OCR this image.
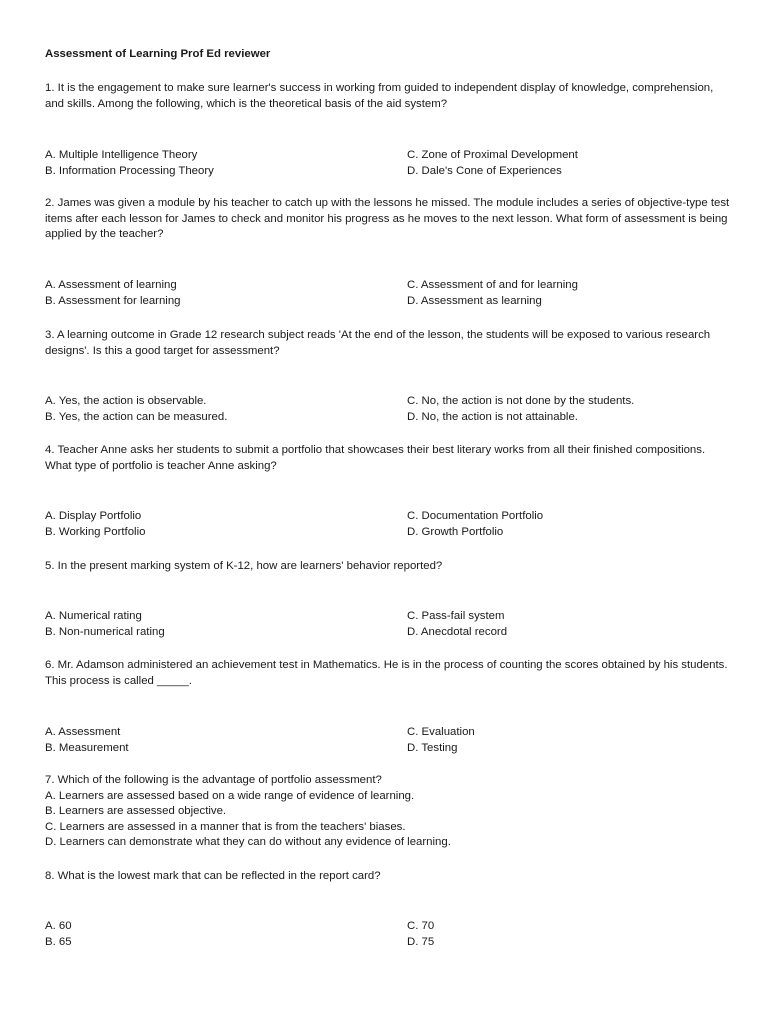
Assessment of Learning Prof Ed reviewer
1. It is the engagement to make sure learner's success in working from guided to independent display of knowledge, comprehension,
and skills. Among the following, which is the theoretical basis of the aid system?
A. Multiple Intelligence Theory	C. Zone of Proximal Development
B. Information Processing Theory	D. Dale's Cone of Experiences
2. James was given a module by his teacher to catch up with the lessons he missed. The module includes a series of objective-type test
items after each lesson for James to check and monitor his progress as he moves to the next lesson. What form of assessment is being
applied by the teacher?
A. Assessment of learning	C. Assessment of and for learning
B. Assessment for learning	D. Assessment as learning
3. A learning outcome in Grade 12 research subject reads 'At the end of the lesson, the students will be exposed to various research
designs'. Is this a good target for assessment?
A. Yes, the action is observable.	C. No, the action is not done by the students.
B. Yes, the action can be measured.	D. No, the action is not attainable.
4. Teacher Anne asks her students to submit a portfolio that showcases their best literary works from all their finished compositions.
What type of portfolio is teacher Anne asking?
A. Display Portfolio	C. Documentation Portfolio
B. Working Portfolio	D. Growth Portfolio
5. In the present marking system of K-12, how are learners' behavior reported?
A. Numerical rating	C. Pass-fail system
B. Non-numerical rating	D. Anecdotal record
6. Mr. Adamson administered an achievement test in Mathematics. He is in the process of counting the scores obtained by his students.
This process is called _____.
A. Assessment	C. Evaluation
B. Measurement	D. Testing
7. Which of the following is the advantage of portfolio assessment?
A. Learners are assessed based on a wide range of evidence of learning.
B. Learners are assessed objective.
C. Learners are assessed in a manner that is from the teachers' biases.
D. Learners can demonstrate what they can do without any evidence of learning.
8. What is the lowest mark that can be reflected in the report card?
A. 60	C. 70
B. 65	D. 75
